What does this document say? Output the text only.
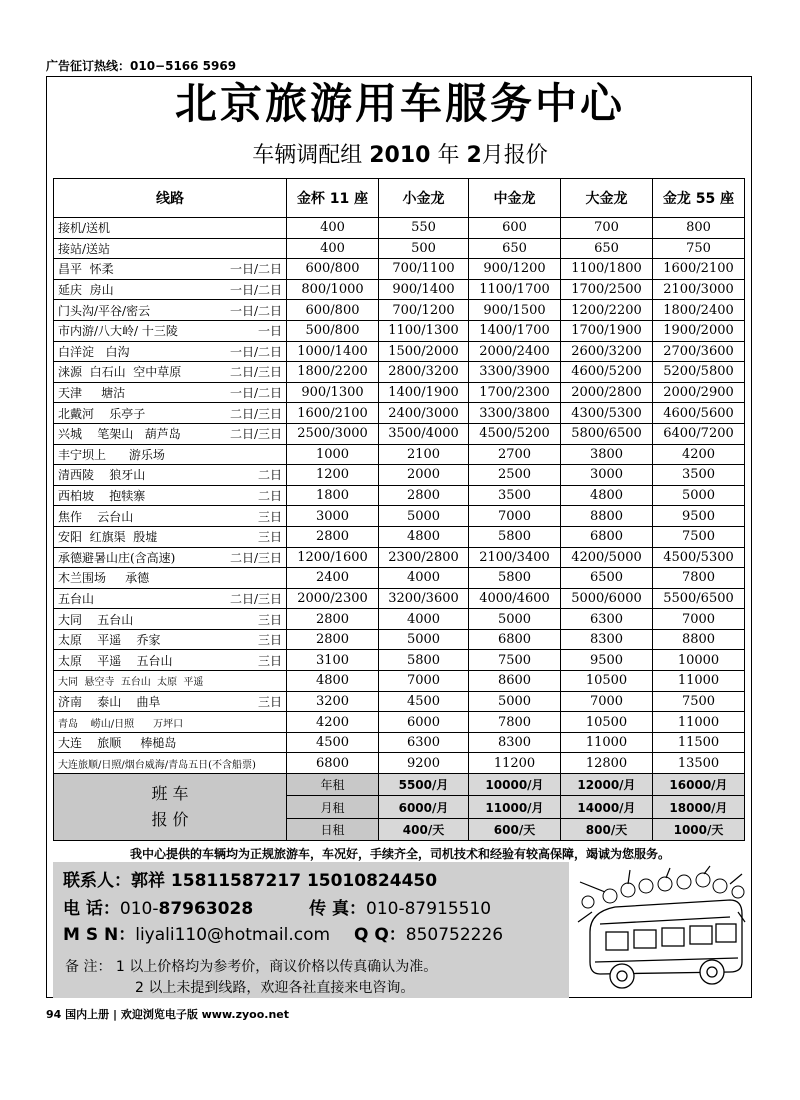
广告征订热线：010−5166 5969
北京旅游用车服务中心
车辆调配组 2010 年 2月报价
线路	金杯 11 座	小金龙	中金龙	大金龙	金龙 55 座

接机/送机	400	550	600	700	800

接站/送站	400	500	650	650	750

昌平  怀柔 一日/二日	600/800	700/1100	900/1200	1100/1800	1600/2100

延庆  房山 一日/二日	800/1000	900/1400	1100/1700	1700/2500	2100/3000

门头沟/平谷/密云 一日/二日	600/800	700/1200	900/1500	1200/2200	1800/2400

市内游/八大岭/ 十三陵 一日	500/800	1100/1300	1400/1700	1700/1900	1900/2000

白洋淀   白沟 一日/二日	1000/1400	1500/2000	2000/2400	2600/3200	2700/3600

涞源  白石山  空中草原 二日/三日	1800/2200	2800/3200	3300/3900	4600/5200	5200/5800

天津     塘沽 一日/二日	900/1300	1400/1900	1700/2300	2000/2800	2000/2900

北戴河    乐亭子 二日/三日	1600/2100	2400/3000	3300/3800	4300/5300	4600/5600

兴城    笔架山   葫芦岛 二日/三日	2500/3000	3500/4000	4500/5200	5800/6500	6400/7200

丰宁坝上      游乐场	1000	2100	2700	3800	4200

清西陵    狼牙山 二日	1200	2000	2500	3000	3500

西柏坡    抱犊寨 二日	1800	2800	3500	4800	5000

焦作    云台山 三日	3000	5000	7000	8800	9500

安阳  红旗渠  殷墟 三日	2800	4800	5800	6800	7500

承德避暑山庄(含高速) 二日/三日	1200/1600	2300/2800	2100/3400	4200/5000	4500/5300

木兰围场     承德	2400	4000	5800	6500	7800

五台山 二日/三日	2000/2300	3200/3600	4000/4600	5000/6000	5500/6500

大同    五台山 三日	2800	4000	5000	6300	7000

太原    平遥    乔家 三日	2800	5000	6800	8300	8800

太原    平遥    五台山 三日	3100	5800	7500	9500	10000

大同  悬空寺  五台山  太原  平遥	4800	7000	8600	10500	11000

济南    泰山    曲阜 三日	3200	4500	5000	7000	7500

青岛    崂山/日照      万坪口	4200	6000	7800	10500	11000

大连    旅顺     棒槌岛	4500	6300	8300	11000	11500

大连旅顺/日照/烟台威海/青岛五日(不含船票)	6800	9200	11200	12800	13500

班 车
报 价	年租	5500/月	10000/月	12000/月	16000/月
	月租	6000/月	11000/月	14000/月	18000/月
	日租	400/天	600/天	800/天	1000/天
我中心提供的车辆均为正规旅游车，车况好，手续齐全，司机技术和经验有较高保障，竭诚为您服务。
联系人：郭祥 15811587217 15010824450
电 话：010-87963028	传 真：010-87915510
M S N：liyali110@hotmail.com Q Q：850752226
备 注： 1 以上价格均为参考价，商议价格以传真确认为准。
2 以上未提到线路，欢迎各社直接来电咨询。
94 国内上册 | 欢迎浏览电子版 www.zyoo.net
